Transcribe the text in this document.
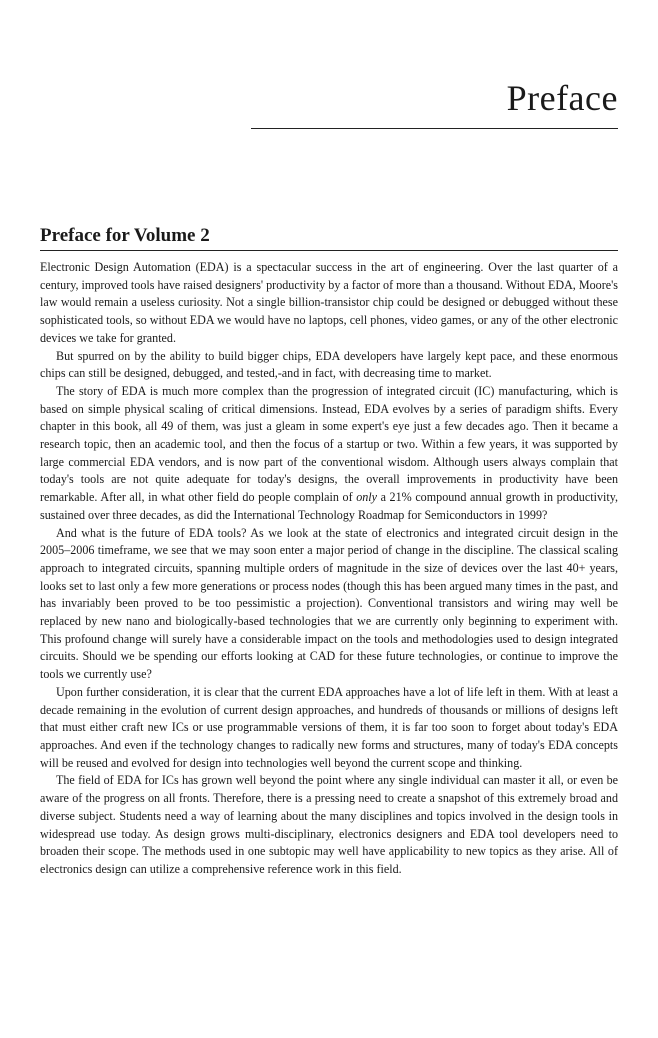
Preface
Preface for Volume 2

Electronic Design Automation (EDA) is a spectacular success in the art of engineering. Over the last quarter of a century, improved tools have raised designers' productivity by a factor of more than a thousand. Without EDA, Moore's law would remain a useless curiosity. Not a single billion-transistor chip could be designed or debugged without these sophisticated tools, so without EDA we would have no laptops, cell phones, video games, or any of the other electronic devices we take for granted.

But spurred on by the ability to build bigger chips, EDA developers have largely kept pace, and these enormous chips can still be designed, debugged, and tested,-and in fact, with decreasing time to market.

The story of EDA is much more complex than the progression of integrated circuit (IC) manufacturing, which is based on simple physical scaling of critical dimensions. Instead, EDA evolves by a series of paradigm shifts. Every chapter in this book, all 49 of them, was just a gleam in some expert's eye just a few decades ago. Then it became a research topic, then an academic tool, and then the focus of a startup or two. Within a few years, it was supported by large commercial EDA vendors, and is now part of the conventional wisdom. Although users always complain that today's tools are not quite adequate for today's designs, the overall improvements in productivity have been remarkable. After all, in what other field do people complain of only a 21% compound annual growth in productivity, sustained over three decades, as did the International Technology Roadmap for Semiconductors in 1999?

And what is the future of EDA tools? As we look at the state of electronics and integrated circuit design in the 2005–2006 timeframe, we see that we may soon enter a major period of change in the discipline. The classical scaling approach to integrated circuits, spanning multiple orders of magnitude in the size of devices over the last 40+ years, looks set to last only a few more generations or process nodes (though this has been argued many times in the past, and has invariably been proved to be too pessimistic a projection). Conventional transistors and wiring may well be replaced by new nano and biologically-based technologies that we are currently only beginning to experiment with. This profound change will surely have a considerable impact on the tools and methodologies used to design integrated circuits. Should we be spending our efforts looking at CAD for these future technologies, or continue to improve the tools we currently use?

Upon further consideration, it is clear that the current EDA approaches have a lot of life left in them. With at least a decade remaining in the evolution of current design approaches, and hundreds of thousands or millions of designs left that must either craft new ICs or use programmable versions of them, it is far too soon to forget about today's EDA approaches. And even if the technology changes to radically new forms and structures, many of today's EDA concepts will be reused and evolved for design into technologies well beyond the current scope and thinking.

The field of EDA for ICs has grown well beyond the point where any single individual can master it all, or even be aware of the progress on all fronts. Therefore, there is a pressing need to create a snapshot of this extremely broad and diverse subject. Students need a way of learning about the many disciplines and topics involved in the design tools in widespread use today. As design grows multi-disciplinary, electronics designers and EDA tool developers need to broaden their scope. The methods used in one subtopic may well have applicability to new topics as they arise. All of electronics design can utilize a comprehensive reference work in this field.
